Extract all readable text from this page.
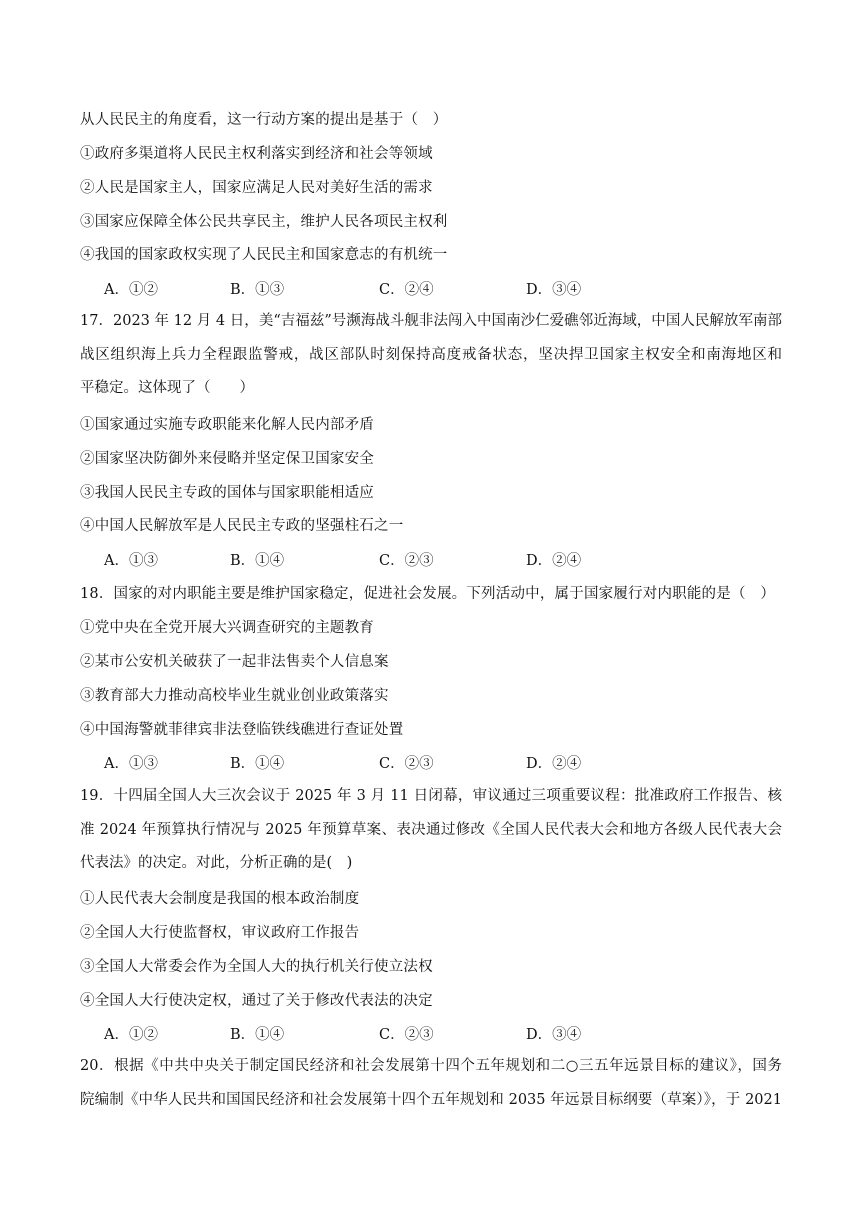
从人民民主的角度看，这一行动方案的提出是基于（　）
①政府多渠道将人民民主权利落实到经济和社会等领域
②人民是国家主人，国家应满足人民对美好生活的需求
③国家应保障全体公民共享民主，维护人民各项民主权利
④我国的国家政权实现了人民民主和国家意志的有机统一
A．①②	B．①③	C．②④	D．③④
17．2023 年 12 月 4 日，美“吉福兹”号濒海战斗舰非法闯入中国南沙仁爱礁邻近海域，中国人民解放军南部
战区组织海上兵力全程跟监警戒，战区部队时刻保持高度戒备状态，坚决捍卫国家主权安全和南海地区和
平稳定。这体现了（　　）
①国家通过实施专政职能来化解人民内部矛盾
②国家坚决防御外来侵略并坚定保卫国家安全
③我国人民民主专政的国体与国家职能相适应
④中国人民解放军是人民民主专政的坚强柱石之一
A．①③	B．①④	C．②③	D．②④
18．国家的对内职能主要是维护国家稳定，促进社会发展。下列活动中，属于国家履行对内职能的是（　）
①党中央在全党开展大兴调查研究的主题教育
②某市公安机关破获了一起非法售卖个人信息案
③教育部大力推动高校毕业生就业创业政策落实
④中国海警就菲律宾非法登临铁线礁进行查证处置
A．①③	B．①④	C．②③	D．②④
19．十四届全国人大三次会议于 2025 年 3 月 11 日闭幕，审议通过三项重要议程：批准政府工作报告、核
准 2024 年预算执行情况与 2025 年预算草案、表决通过修改《全国人民代表大会和地方各级人民代表大会
代表法》的决定。对此，分析正确的是(　)
①人民代表大会制度是我国的根本政治制度
②全国人大行使监督权，审议政府工作报告
③全国人大常委会作为全国人大的执行机关行使立法权
④全国人大行使决定权，通过了关于修改代表法的决定
A．①②	B．①④	C．②③	D．③④
20．根据《中共中央关于制定国民经济和社会发展第十四个五年规划和二○三五年远景目标的建议》，国务
院编制《中华人民共和国国民经济和社会发展第十四个五年规划和 2035 年远景目标纲要（草案）》，于 2021
